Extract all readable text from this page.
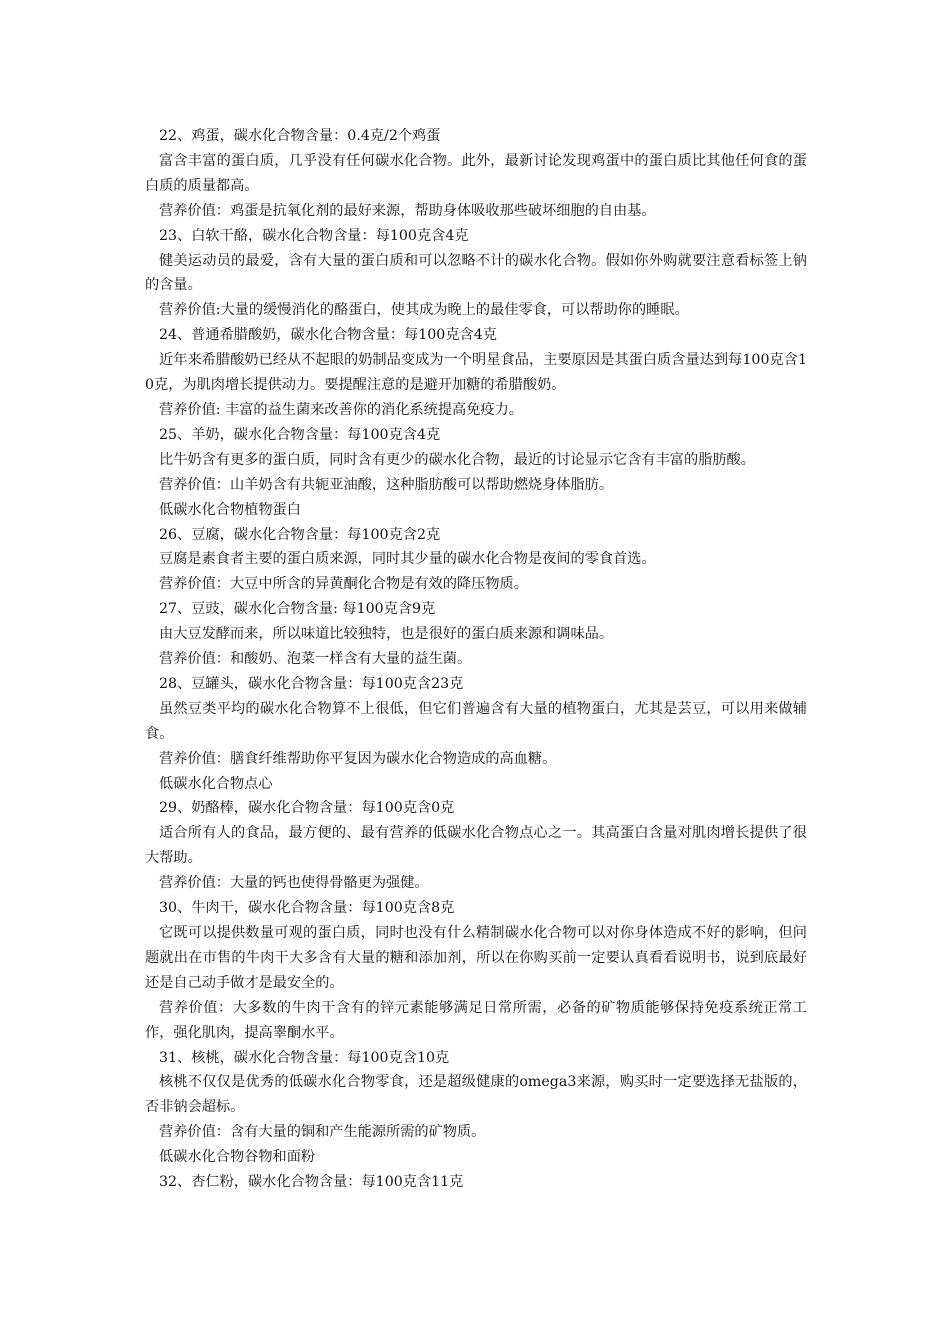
22、鸡蛋，碳水化合物含量：0.4克/2个鸡蛋

富含丰富的蛋白质，几乎没有任何碳水化合物。此外，最新讨论发现鸡蛋中的蛋白质比其他任何食的蛋白质的质量都高。

营养价值：鸡蛋是抗氧化剂的最好来源，帮助身体吸收那些破坏细胞的自由基。

23、白软干酪，碳水化合物含量：每100克含4克

健美运动员的最爱，含有大量的蛋白质和可以忽略不计的碳水化合物。假如你外购就要注意看标签上钠的含量。

营养价值:大量的缓慢消化的酪蛋白，使其成为晚上的最佳零食，可以帮助你的睡眠。

24、普通希腊酸奶，碳水化合物含量：每100克含4克

近年来希腊酸奶已经从不起眼的奶制品变成为一个明星食品，主要原因是其蛋白质含量达到每100克含10克，为肌肉增长提供动力。要提醒注意的是避开加糖的希腊酸奶。

营养价值: 丰富的益生菌来改善你的消化系统提高免疫力。

25、羊奶，碳水化合物含量：每100克含4克

比牛奶含有更多的蛋白质，同时含有更少的碳水化合物，最近的讨论显示它含有丰富的脂肪酸。

营养价值：山羊奶含有共轭亚油酸，这种脂肪酸可以帮助燃烧身体脂肪。

低碳水化合物植物蛋白

26、豆腐，碳水化合物含量：每100克含2克

豆腐是素食者主要的蛋白质来源，同时其少量的碳水化合物是夜间的零食首选。

营养价值：大豆中所含的异黄酮化合物是有效的降压物质。

27、豆豉，碳水化合物含量: 每100克含9克

由大豆发酵而来，所以味道比较独特，也是很好的蛋白质来源和调味品。

营养价值：和酸奶、泡菜一样含有大量的益生菌。

28、豆罐头，碳水化合物含量：每100克含23克

虽然豆类平均的碳水化合物算不上很低，但它们普遍含有大量的植物蛋白，尤其是芸豆，可以用来做辅食。

营养价值：膳食纤维帮助你平复因为碳水化合物造成的高血糖。

低碳水化合物点心

29、奶酪棒，碳水化合物含量：每100克含0克

适合所有人的食品，最方便的、最有营养的低碳水化合物点心之一。其高蛋白含量对肌肉增长提供了很大帮助。

营养价值：大量的钙也使得骨骼更为强健。

30、牛肉干，碳水化合物含量：每100克含8克

它既可以提供数量可观的蛋白质，同时也没有什么精制碳水化合物可以对你身体造成不好的影响，但问题就出在市售的牛肉干大多含有大量的糖和添加剂，所以在你购买前一定要认真看看说明书，说到底最好还是自己动手做才是最安全的。

营养价值：大多数的牛肉干含有的锌元素能够满足日常所需，必备的矿物质能够保持免疫系统正常工作，强化肌肉，提高睾酮水平。

31、核桃，碳水化合物含量：每100克含10克

核桃不仅仅是优秀的低碳水化合物零食，还是超级健康的omega3来源，购买时一定要选择无盐版的，否非钠会超标。

营养价值：含有大量的铜和产生能源所需的矿物质。

低碳水化合物谷物和面粉

32、杏仁粉，碳水化合物含量：每100克含11克
